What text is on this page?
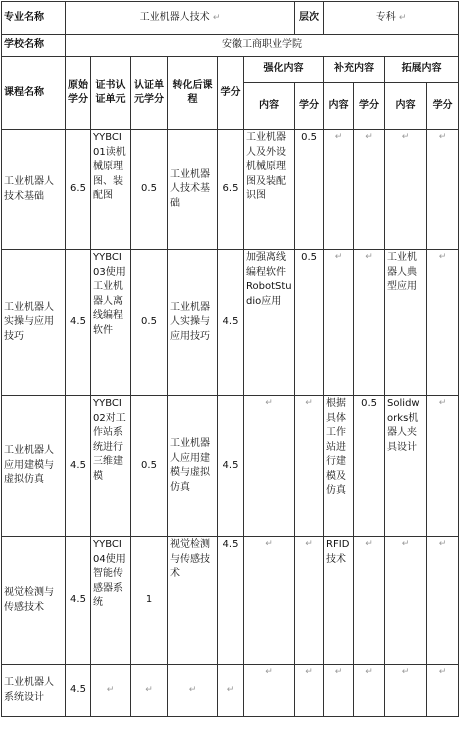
专业名称	工业机器人技术 ↵						层次	专科 ↵			
学校名称	安徽工商职业学院										
课程名称	原始学分	证书认证单元	认证单元学分	转化后课程	学分	强化内容		补充内容		拓展内容	
						内容	学分	内容	学分	内容	学分
工业机器人技术基础	6.5	YYBCI01读机械原理图、装配图	0.5	工业机器人技术基础	6.5	工业机器人及外设机械原理图及装配识图	0.5	↵	↵	↵	↵
工业机器人实操与应用技巧	4.5	YYBCI03使用工业机器人离线编程软件	0.5	工业机器人实操与应用技巧	4.5	加强离线编程软件RobotStudio应用	0.5	↵	↵	工业机器人典型应用	↵
工业机器人应用建模与虚拟仿真	4.5	YYBCI02对工作站系统进行三维建模	0.5	工业机器人应用建模与虚拟仿真	4.5	↵	↵	根据具体工作站进行建模及仿真	0.5	Solidworks机器人夹具设计	↵
视觉检测与传感技术	4.5	YYBCI04使用智能传感器系统	1	视觉检测与传感技术	4.5	↵	↵	RFID技术	↵	↵	↵
工业机器人系统设计	4.5	↵	↵	↵	↵	↵	↵	↵	↵	↵	↵
